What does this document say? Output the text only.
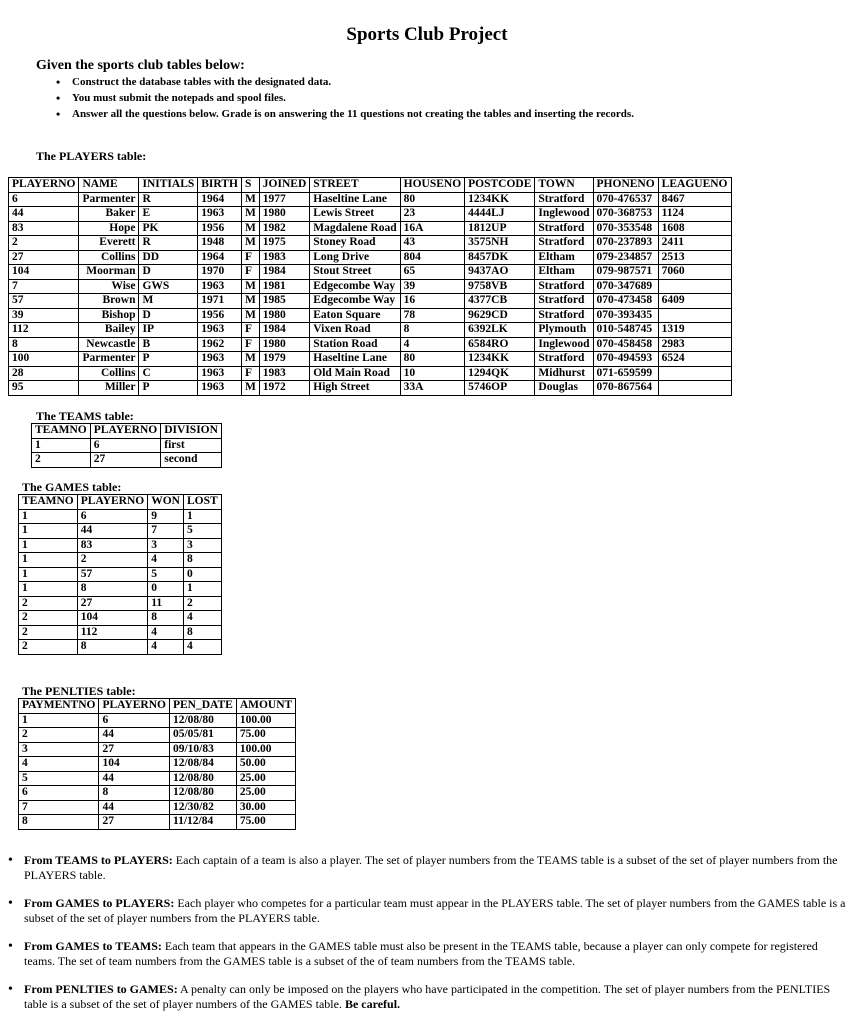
Sports Club Project
Given the sports club tables below:
• Construct the database tables with the designated data.
• You must submit the notepads and spool files.
• Answer all the questions below. Grade is on answering the 11 questions not creating the tables and inserting the records.
The PLAYERS table:
PLAYERNO	NAME	INITIALS	BIRTH	S	JOINED	STREET	HOUSENO	POSTCODE	TOWN	PHONENO	LEAGUENO
6	Parmenter	R	1964	M	1977	Haseltine Lane	80	1234KK	Stratford	070-476537	8467
44	Baker	E	1963	M	1980	Lewis Street	23	4444LJ	Inglewood	070-368753	1124
83	Hope	PK	1956	M	1982	Magdalene Road	16A	1812UP	Stratford	070-353548	1608
2	Everett	R	1948	M	1975	Stoney Road	43	3575NH	Stratford	070-237893	2411
27	Collins	DD	1964	F	1983	Long Drive	804	8457DK	Eltham	079-234857	2513
104	Moorman	D	1970	F	1984	Stout Street	65	9437AO	Eltham	079-987571	7060
7	Wise	GWS	1963	M	1981	Edgecombe Way	39	9758VB	Stratford	070-347689	
57	Brown	M	1971	M	1985	Edgecombe Way	16	4377CB	Stratford	070-473458	6409
39	Bishop	D	1956	M	1980	Eaton Square	78	9629CD	Stratford	070-393435	
112	Bailey	IP	1963	F	1984	Vixen Road	8	6392LK	Plymouth	010-548745	1319
8	Newcastle	B	1962	F	1980	Station Road	4	6584RO	Inglewood	070-458458	2983
100	Parmenter	P	1963	M	1979	Haseltine Lane	80	1234KK	Stratford	070-494593	6524
28	Collins	C	1963	F	1983	Old Main Road	10	1294QK	Midhurst	071-659599	
95	Miller	P	1963	M	1972	High Street	33A	5746OP	Douglas	070-867564	
The TEAMS table:
TEAMNO	PLAYERNO	DIVISION
1	6	first
2	27	second
The GAMES table:
TEAMNO	PLAYERNO	WON	LOST
1	6	9	1
1	44	7	5
1	83	3	3
1	2	4	8
1	57	5	0
1	8	0	1
2	27	11	2
2	104	8	4
2	112	4	8
2	8	4	4
The PENLTIES table:
PAYMENTNO	PLAYERNO	PEN_DATE	AMOUNT
1	6	12/08/80	100.00
2	44	05/05/81	75.00
3	27	09/10/83	100.00
4	104	12/08/84	50.00
5	44	12/08/80	25.00
6	8	12/08/80	25.00
7	44	12/30/82	30.00
8	27	11/12/84	75.00
• From TEAMS to PLAYERS: Each captain of a team is also a player. The set of player numbers from the TEAMS table is a subset of the set of player numbers from the PLAYERS table.
• From GAMES to PLAYERS: Each player who competes for a particular team must appear in the PLAYERS table. The set of player numbers from the GAMES table is a subset of the set of player numbers from the PLAYERS table.
• From GAMES to TEAMS: Each team that appears in the GAMES table must also be present in the TEAMS table, because a player can only compete for registered teams. The set of team numbers from the GAMES table is a subset of the of team numbers from the TEAMS table.
• From PENLTIES to GAMES: A penalty can only be imposed on the players who have participated in the competition. The set of player numbers from the PENLTIES table is a subset of the set of player numbers of the GAMES table. Be careful.
